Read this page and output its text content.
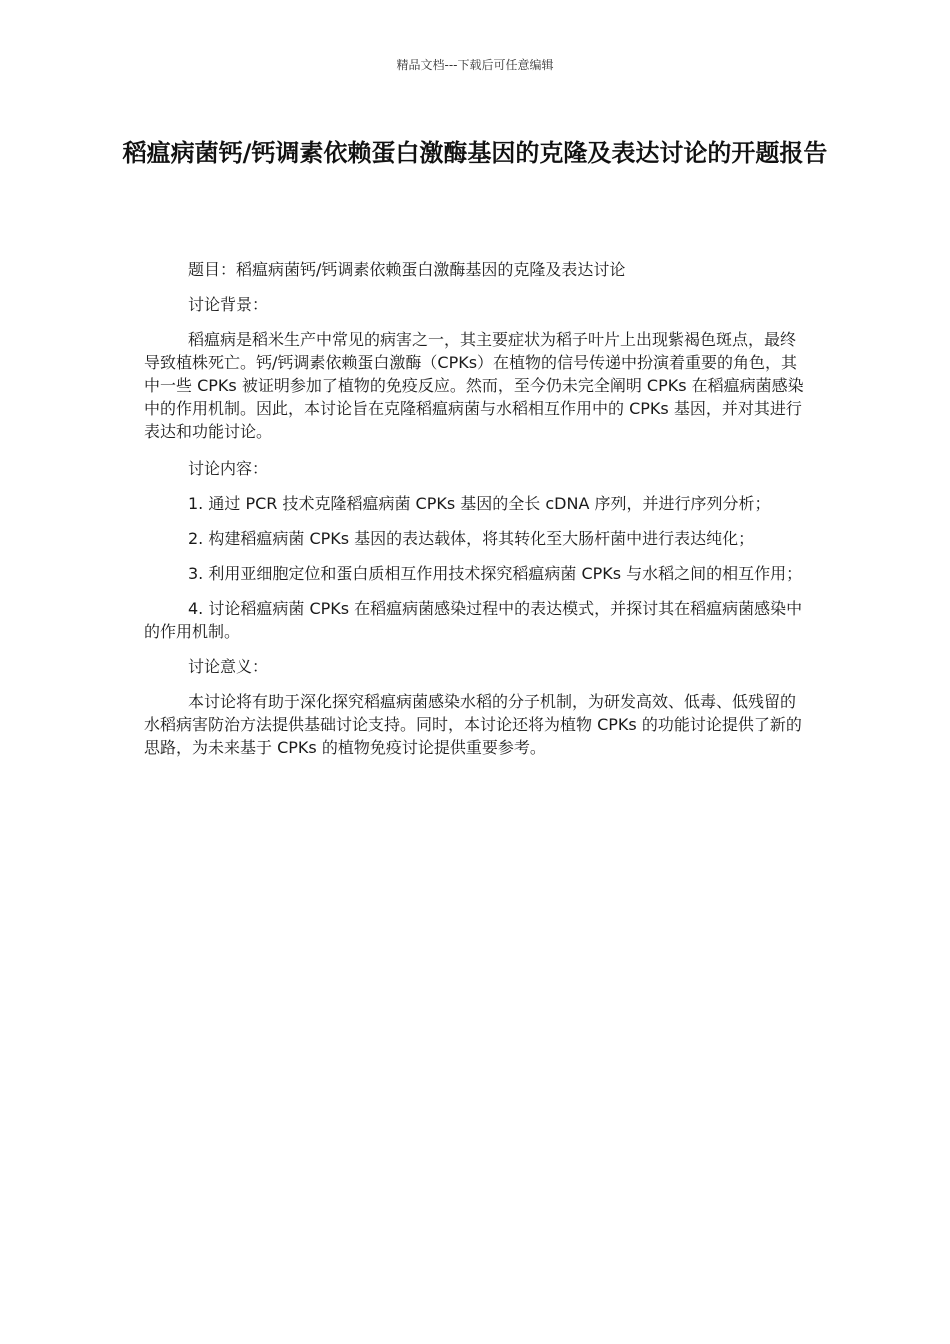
精品文档---下载后可任意编辑
稻瘟病菌钙/钙调素依赖蛋白激酶基因的克隆及表达讨论的开题报告

题目：稻瘟病菌钙/钙调素依赖蛋白激酶基因的克隆及表达讨论

讨论背景：

稻瘟病是稻米生产中常见的病害之一，其主要症状为稻子叶片上出现紫褐色斑点，最终导致植株死亡。钙/钙调素依赖蛋白激酶（CPKs）在植物的信号传递中扮演着重要的角色，其中一些 CPKs 被证明参加了植物的免疫反应。然而，至今仍未完全阐明 CPKs 在稻瘟病菌感染中的作用机制。因此，本讨论旨在克隆稻瘟病菌与水稻相互作用中的 CPKs 基因，并对其进行表达和功能讨论。

讨论内容：

1. 通过 PCR 技术克隆稻瘟病菌 CPKs 基因的全长 cDNA 序列，并进行序列分析；

2. 构建稻瘟病菌 CPKs 基因的表达载体，将其转化至大肠杆菌中进行表达纯化；

3. 利用亚细胞定位和蛋白质相互作用技术探究稻瘟病菌 CPKs 与水稻之间的相互作用；

4. 讨论稻瘟病菌 CPKs 在稻瘟病菌感染过程中的表达模式，并探讨其在稻瘟病菌感染中的作用机制。

讨论意义：

本讨论将有助于深化探究稻瘟病菌感染水稻的分子机制，为研发高效、低毒、低残留的水稻病害防治方法提供基础讨论支持。同时，本讨论还将为植物 CPKs 的功能讨论提供了新的思路，为未来基于 CPKs 的植物免疫讨论提供重要参考。
